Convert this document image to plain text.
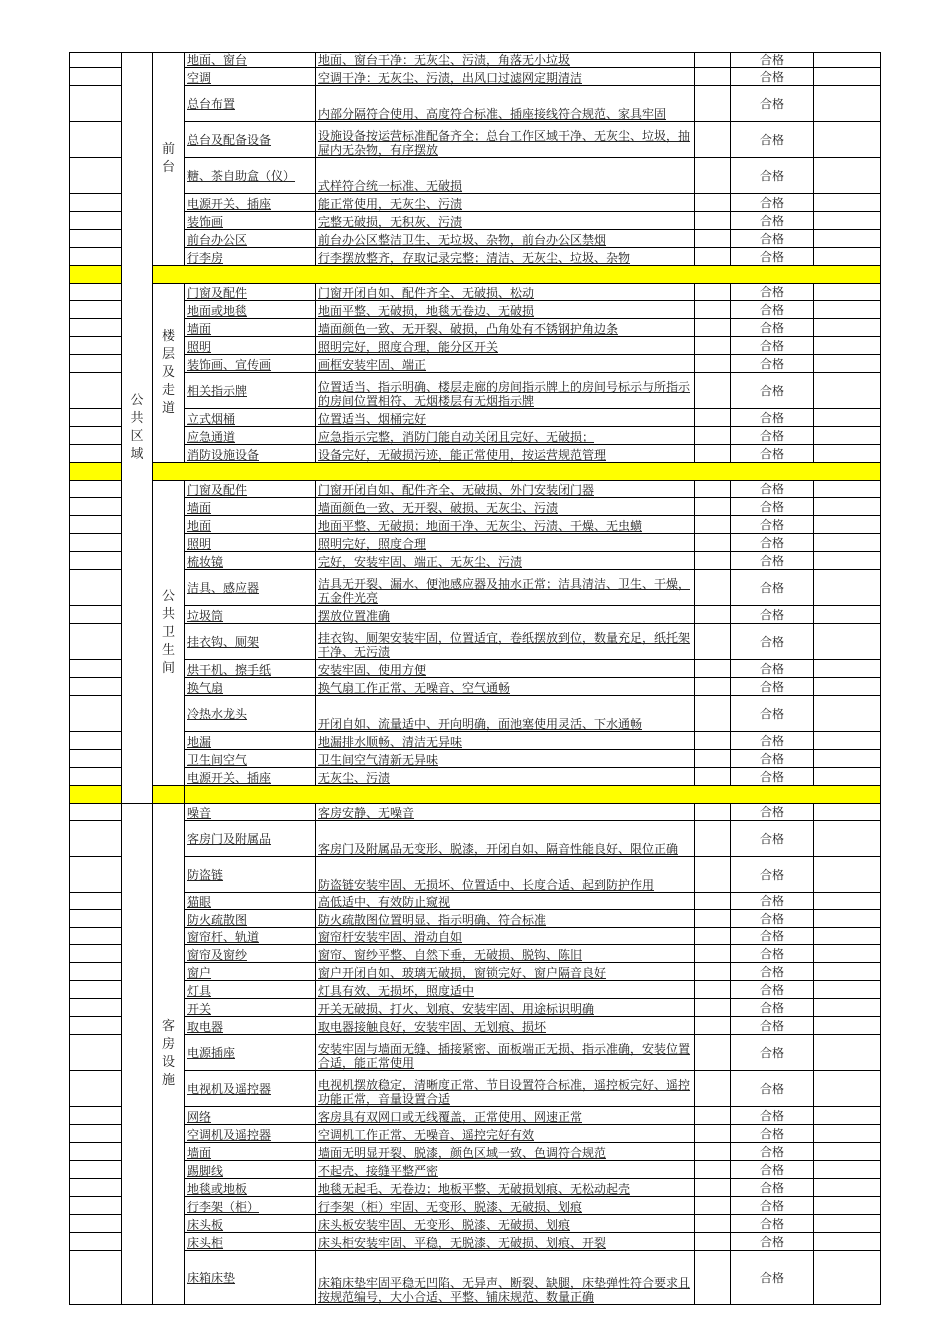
	公共区域	前台	地面、窗台	地面、窗台干净：无灰尘、污渍，角落无小垃圾		合格	
			空调	空调干净：无灰尘、污渍，出风口过滤网定期清洁		合格	
			总台布置	内部分隔符合使用、高度符合标准、插座接线符合规范、家具牢固		合格	
			总台及配备设备	设施设备按运营标准配备齐全；总台工作区域干净、无灰尘、垃圾，抽屉内无杂物，有序摆放		合格	
			糖、茶自助盒（仪）	式样符合统一标准、无破损		合格	
			电源开关、插座	能正常使用，无灰尘、污渍		合格	
			装饰画	完整无破损，无积灰、污渍		合格	
			前台办公区	前台办公区整洁卫生、无垃圾、杂物，前台办公区禁烟		合格	
			行李房	行李摆放整齐，存取记录完整；清洁、无灰尘、垃圾、杂物		合格	

		楼层及走道	门窗及配件	门窗开闭自如、配件齐全、无破损、松动		合格	
			地面或地毯	地面平整、无破损，地毯无卷边、无破损		合格	
			墙面	墙面颜色一致、无开裂、破损，凸角处有不锈钢护角边条		合格	
			照明	照明完好，照度合理，能分区开关		合格	
			装饰画、宣传画	画框安装牢固、端正		合格	
			相关指示牌	位置适当、指示明确、楼层走廊的房间指示牌上的房间号标示与所指示的房间位置相符、无烟楼层有无烟指示牌		合格	
			立式烟桶	位置适当、烟桶完好		合格	
			应急通道	应急指示完整，消防门能自动关闭且完好、无破损；		合格	
			消防设施设备	设备完好，无破损污迹，能正常使用，按运营规范管理		合格	

		公共卫生间	门窗及配件	门窗开闭自如、配件齐全、无破损、外门安装闭门器		合格	
			墙面	墙面颜色一致、无开裂、破损、无灰尘、污渍		合格	
			地面	地面平整、无破损；地面干净、无灰尘、污渍、干燥、无虫蟥		合格	
			照明	照明完好，照度合理		合格	
			梳妆镜	完好，安装牢固、端正、无灰尘、污渍		合格	
			洁具、感应器	洁具无开裂、漏水、便池感应器及抽水正常；洁具清洁、卫生、干燥，五金件光亮		合格	
			垃圾筒	摆放位置准确		合格	
			挂衣钩、厕架	挂衣钩、厕架安装牢固，位置适宜，卷纸摆放到位，数量充足，纸托架干净、无污渍		合格	
			烘干机、擦手纸	安装牢固、使用方便		合格	
			换气扇	换气扇工作正常、无噪音、空气通畅		合格	
			冷热水龙头	开闭自如、流量适中、开向明确，面池塞使用灵活、下水通畅		合格	
			地漏	地漏排水顺畅、清洁无异味		合格	
			卫生间空气	卫生间空气清新无异味		合格	
			电源开关、插座	无灰尘、污渍		合格	

		客房设施	噪音	客房安静、无噪音		合格	
			客房门及附属品	客房门及附属品无变形、脱漆，开闭自如、隔音性能良好、限位正确		合格	
			防盗链	防盗链安装牢固、无损坏、位置适中、长度合适、起到防护作用		合格	
			猫眼	高低适中、有效防止窥视		合格	
			防火疏散图	防火疏散图位置明显、指示明确、符合标准		合格	
			窗帘杆、轨道	窗帘杆安装牢固、滑动自如		合格	
			窗帘及窗纱	窗帘、窗纱平整、自然下垂，无破损、脱钩、陈旧		合格	
			窗户	窗户开闭自如、玻璃无破损，窗锁完好、窗户隔音良好		合格	
			灯具	灯具有效、无损坏，照度适中		合格	
			开关	开关无破损、打火、划痕、安装牢固、用途标识明确		合格	
			取电器	取电器接触良好，安装牢固、无划痕、损坏		合格	
			电源插座	安装牢固与墙面无缝、插接紧密、面板端正无损、指示准确，安装位置合适，能正常使用		合格	
			电视机及遥控器	电视机摆放稳定，清晰度正常、节目设置符合标准，遥控板完好、遥控功能正常，音量设置合适		合格	
			网络	客房具有双网口或无线覆盖，正常使用、网速正常		合格	
			空调机及遥控器	空调机工作正常、无噪音、遥控完好有效		合格	
			墙面	墙面无明显开裂、脱漆，颜色区域一致、色调符合规范		合格	
			踢脚线	不起壳、接缝平整严密		合格	
			地毯或地板	地毯无起毛、无卷边；地板平整、无破损划痕、无松动起壳		合格	
			行李架（柜）	行李架（柜）牢固、无变形、脱漆、无破损、划痕		合格	
			床头板	床头板安装牢固、无变形、脱漆、无破损、划痕		合格	
			床头柜	床头柜安装牢固、平稳，无脱漆、无破损、划痕、开裂		合格	
			床箱床垫	床箱床垫牢固平稳无凹陷、无异声、断裂、缺腿，床垫弹性符合要求且按规范编号，大小合适、平整、铺床规范、数量正确		合格	
